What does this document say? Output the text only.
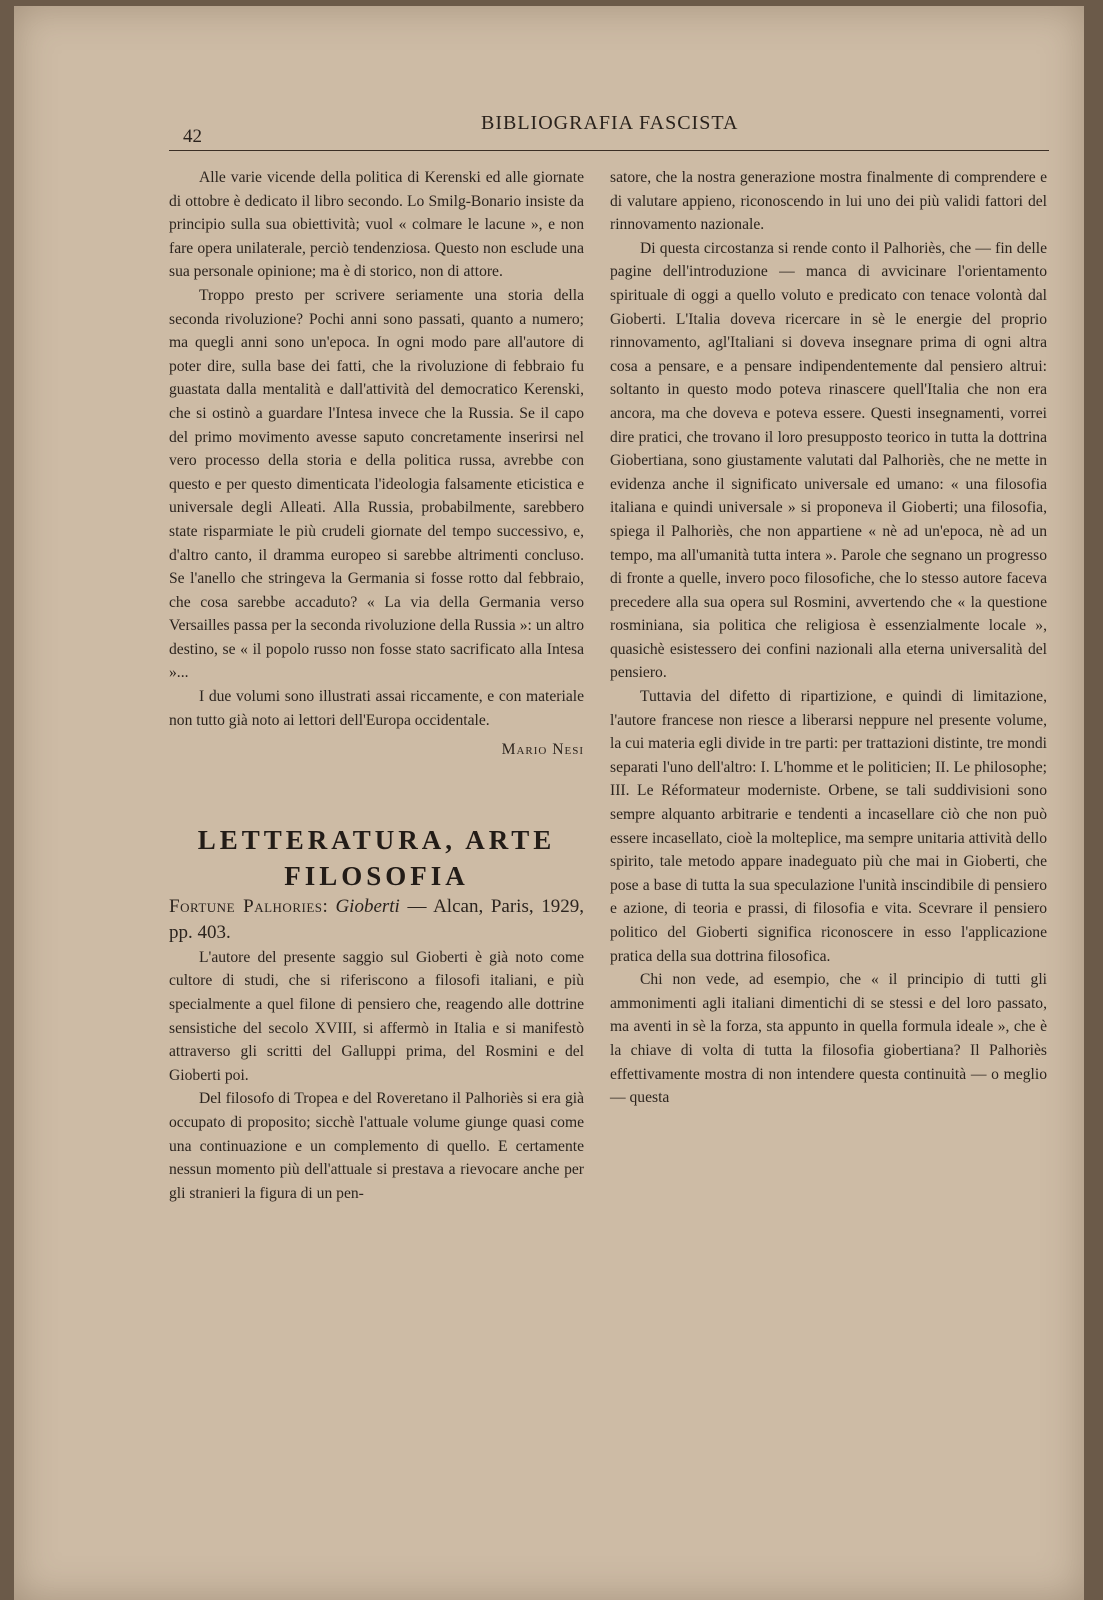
42
BIBLIOGRAFIA FASCISTA

Alle varie vicende della politica di Kerenski ed alle giornate di ottobre è dedicato il libro secondo. Lo Smilg-Bonario insiste da principio sulla sua obiettività; vuol « colmare le lacune », e non fare opera unilaterale, perciò tendenziosa. Questo non esclude una sua personale opinione; ma è di storico, non di attore.

Troppo presto per scrivere seriamente una storia della seconda rivoluzione? Pochi anni sono passati, quanto a numero; ma quegli anni sono un'epoca. In ogni modo pare all'autore di poter dire, sulla base dei fatti, che la rivoluzione di febbraio fu guastata dalla mentalità e dall'attività del democratico Kerenski, che si ostinò a guardare l'Intesa invece che la Russia. Se il capo del primo movimento avesse saputo concretamente inserirsi nel vero processo della storia e della politica russa, avrebbe con questo e per questo dimenticata l'ideologia falsamente eticistica e universale degli Alleati. Alla Russia, probabilmente, sarebbero state risparmiate le più crudeli giornate del tempo successivo, e, d'altro canto, il dramma europeo si sarebbe altrimenti concluso. Se l'anello che stringeva la Germania si fosse rotto dal febbraio, che cosa sarebbe accaduto? « La via della Germania verso Versailles passa per la seconda rivoluzione della Russia »: un altro destino, se « il popolo russo non fosse stato sacrificato alla Intesa »...

I due volumi sono illustrati assai riccamente, e con materiale non tutto già noto ai lettori dell'Europa occidentale.

Mario Nesi
LETTERATURA, ARTE
FILOSOFIA

Fortune Palhories: Gioberti — Alcan, Paris, 1929, pp. 403.

L'autore del presente saggio sul Gioberti è già noto come cultore di studi, che si riferiscono a filosofi italiani, e più specialmente a quel filone di pensiero che, reagendo alle dottrine sensistiche del secolo XVIII, si affermò in Italia e si manifestò attraverso gli scritti del Galluppi prima, del Rosmini e del Gioberti poi.

Del filosofo di Tropea e del Roveretano il Palhoriès si era già occupato di proposito; sicchè l'attuale volume giunge quasi come una continuazione e un complemento di quello. E certamente nessun momento più dell'attuale si prestava a rievocare anche per gli stranieri la figura di un pen-

satore, che la nostra generazione mostra finalmente di comprendere e di valutare appieno, riconoscendo in lui uno dei più validi fattori del rinnovamento nazionale.

Di questa circostanza si rende conto il Palhoriès, che — fin delle pagine dell'introduzione — manca di avvicinare l'orientamento spirituale di oggi a quello voluto e predicato con tenace volontà dal Gioberti. L'Italia doveva ricercare in sè le energie del proprio rinnovamento, agl'Italiani si doveva insegnare prima di ogni altra cosa a pensare, e a pensare indipendentemente dal pensiero altrui: soltanto in questo modo poteva rinascere quell'Italia che non era ancora, ma che doveva e poteva essere. Questi insegnamenti, vorrei dire pratici, che trovano il loro presupposto teorico in tutta la dottrina Giobertiana, sono giustamente valutati dal Palhoriès, che ne mette in evidenza anche il significato universale ed umano: « una filosofia italiana e quindi universale » si proponeva il Gioberti; una filosofia, spiega il Palhoriès, che non appartiene « nè ad un'epoca, nè ad un tempo, ma all'umanità tutta intera ». Parole che segnano un progresso di fronte a quelle, invero poco filosofiche, che lo stesso autore faceva precedere alla sua opera sul Rosmini, avvertendo che « la questione rosminiana, sia politica che religiosa è essenzialmente locale », quasichè esistessero dei confini nazionali alla eterna universalità del pensiero.

Tuttavia del difetto di ripartizione, e quindi di limitazione, l'autore francese non riesce a liberarsi neppure nel presente volume, la cui materia egli divide in tre parti: per trattazioni distinte, tre mondi separati l'uno dell'altro: I. L'homme et le politicien; II. Le philosophe; III. Le Réformateur moderniste. Orbene, se tali suddivisioni sono sempre alquanto arbitrarie e tendenti a incasellare ciò che non può essere incasellato, cioè la molteplice, ma sempre unitaria attività dello spirito, tale metodo appare inadeguato più che mai in Gioberti, che pose a base di tutta la sua speculazione l'unità inscindibile di pensiero e azione, di teoria e prassi, di filosofia e vita. Scevrare il pensiero politico del Gioberti significa riconoscere in esso l'applicazione pratica della sua dottrina filosofica.

Chi non vede, ad esempio, che « il principio di tutti gli ammonimenti agli italiani dimentichi di se stessi e del loro passato, ma aventi in sè la forza, sta appunto in quella formula ideale », che è la chiave di volta di tutta la filosofia giobertiana? Il Palhoriès effettivamente mostra di non intendere questa continuità — o meglio — questa
